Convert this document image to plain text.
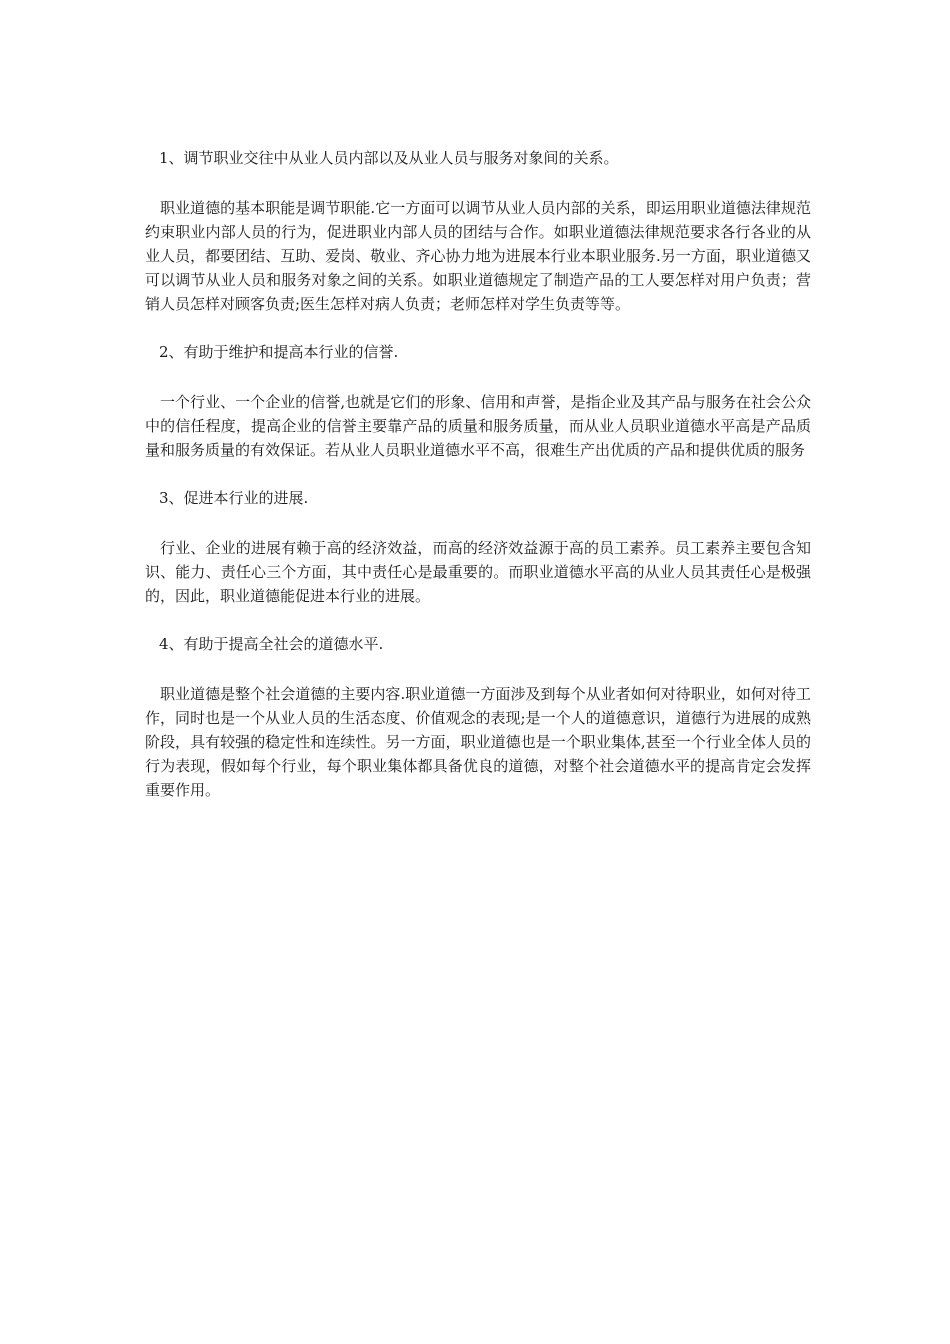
1、调节职业交往中从业人员内部以及从业人员与服务对象间的关系。

职业道德的基本职能是调节职能.它一方面可以调节从业人员内部的关系，即运用职业道德法律规范约束职业内部人员的行为，促进职业内部人员的团结与合作。如职业道德法律规范要求各行各业的从业人员，都要团结、互助、爱岗、敬业、齐心协力地为进展本行业本职业服务.另一方面，职业道德又可以调节从业人员和服务对象之间的关系。如职业道德规定了制造产品的工人要怎样对用户负责；营销人员怎样对顾客负责;医生怎样对病人负责；老师怎样对学生负责等等。

2、有助于维护和提高本行业的信誉.

一个行业、一个企业的信誉,也就是它们的形象、信用和声誉，是指企业及其产品与服务在社会公众中的信任程度，提高企业的信誉主要靠产品的质量和服务质量，而从业人员职业道德水平高是产品质量和服务质量的有效保证。若从业人员职业道德水平不高，很难生产出优质的产品和提供优质的服务

3、促进本行业的进展.

行业、企业的进展有赖于高的经济效益，而高的经济效益源于高的员工素养。员工素养主要包含知识、能力、责任心三个方面，其中责任心是最重要的。而职业道德水平高的从业人员其责任心是极强的，因此，职业道德能促进本行业的进展。

4、有助于提高全社会的道德水平.

职业道德是整个社会道德的主要内容.职业道德一方面涉及到每个从业者如何对待职业，如何对待工作，同时也是一个从业人员的生活态度、价值观念的表现;是一个人的道德意识，道德行为进展的成熟阶段，具有较强的稳定性和连续性。另一方面，职业道德也是一个职业集体,甚至一个行业全体人员的行为表现，假如每个行业，每个职业集体都具备优良的道德，对整个社会道德水平的提高肯定会发挥重要作用。
